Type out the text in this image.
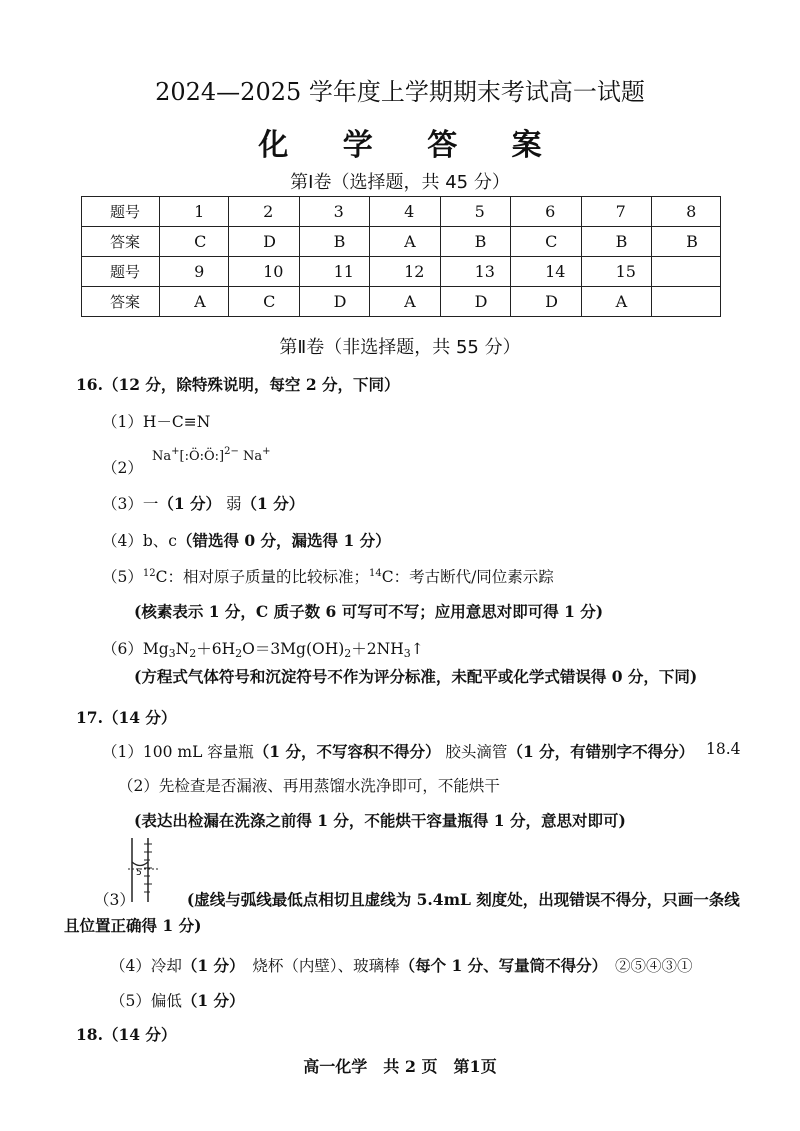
2024—2025 学年度上学期期末考试高一试题
化 学 答 案
第Ⅰ卷（选择题，共 45 分）
题号	1	2	3	4	5	6	7	8
答案	C	D	B	A	B	C	B	B
题号	9	10	11	12	13	14	15	
答案	A	C	D	A	D	D	A	
第Ⅱ卷（非选择题，共 55 分）
16.（12 分，除特殊说明，每空 2 分，下同）
（1）H－C≡N
（2）
Na+[:Ö:Ö:]$^{2-}$ Na+
（3）一（1 分） 弱（1 分）
（4）b、c（错选得 0 分，漏选得 1 分）
$(5)^{12}C$：相对原子质量的比较标准；$^{14}$C：考古断代/同位素示踪
(核素表示 1 分，C 质子数 6 可写可不写；应用意思对即可得 1 分)
$(6)Mg_3N_2+6H_2O=3Mg(OH)_2+2NH_3↑$
(方程式气体符号和沉淀符号不作为评分标准，未配平或化学式错误得 0 分，下同)
17.（14 分）
（1）100 mL 容量瓶（1 分，不写容积不得分） 胶头滴管（1 分，有错别字不得分） 18.4
（2）先检查是否漏液、再用蒸馏水洗净即可，不能烘干
(表达出检漏在洗涤之前得 1 分，不能烘干容量瓶得 1 分，意思对即可)
5
（3）	(虚线与弧线最低点相切且虚线为 5.4mL 刻度处，出现错误不得分，只画一条线
且位置正确得 1 分)
（4）冷却（1 分）　 烧杯（内壁）、玻璃棒（每个 1 分、写量筒不得分）　 ②⑤④③①
（5）偏低（1 分）
18.（14 分）
高一化学　共 2 页　第1页
